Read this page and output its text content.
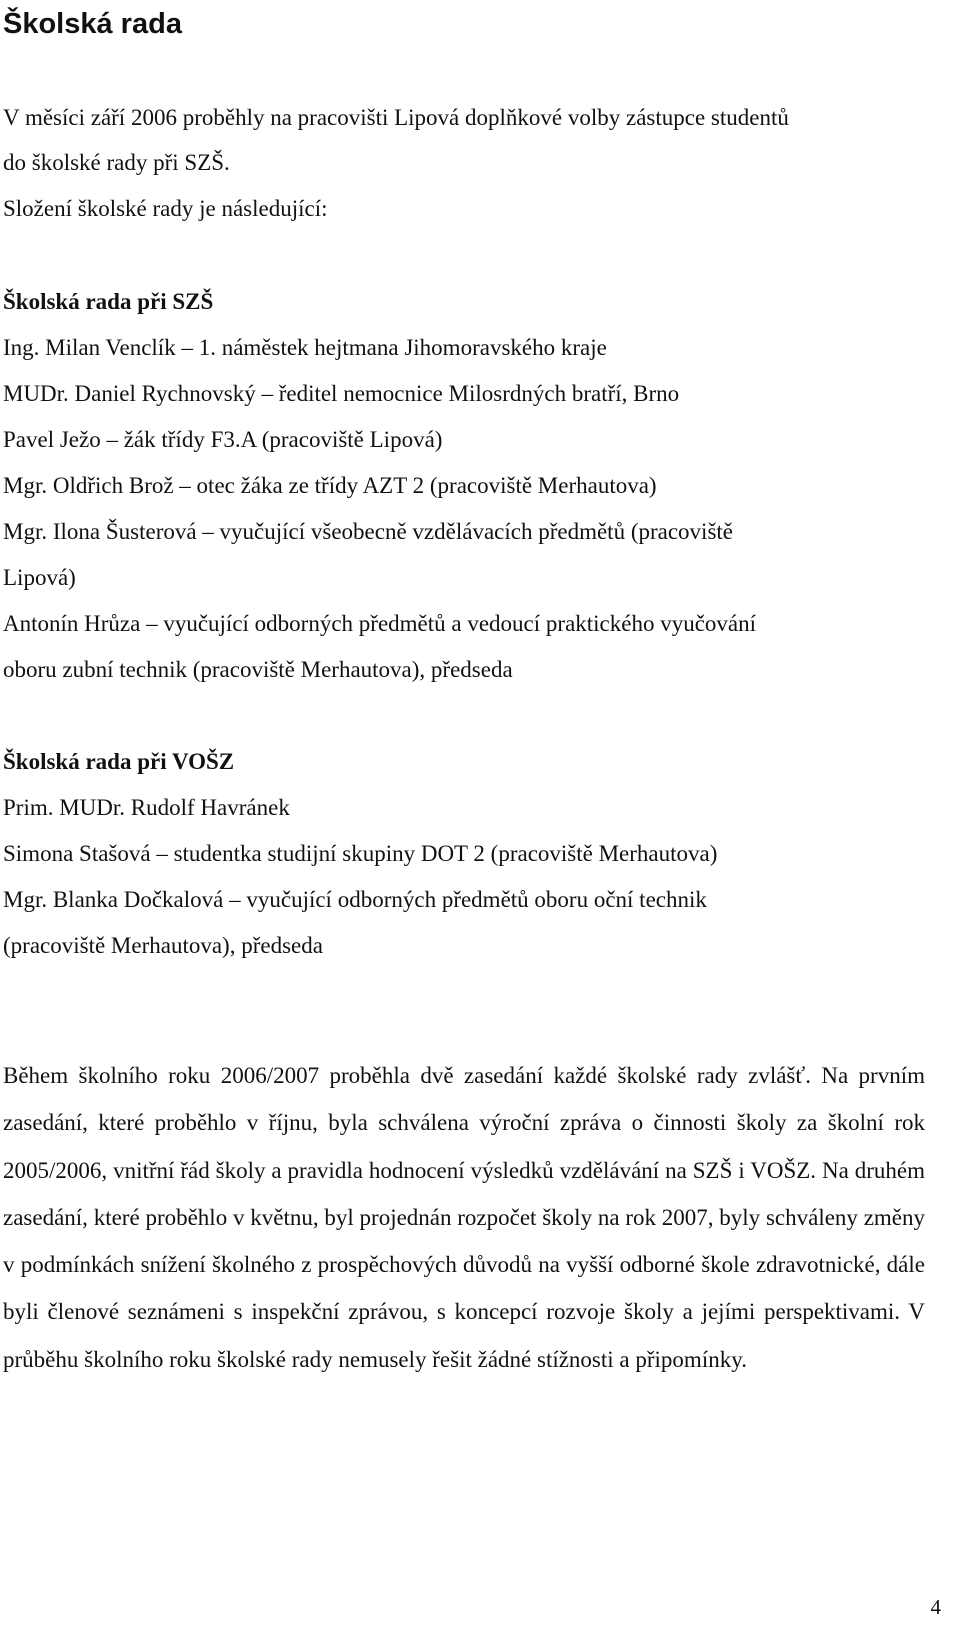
Školská rada

V měsíci září 2006 proběhly na pracovišti Lipová doplňkové volby zástupce studentů

do školské rady při SZŠ.

Složení školské rady je následující:

Školská rada při SZŠ

Ing. Milan Venclík – 1. náměstek hejtmana Jihomoravského kraje

MUDr. Daniel Rychnovský – ředitel nemocnice Milosrdných bratří, Brno

Pavel Ježo – žák třídy F3.A (pracoviště Lipová)

Mgr. Oldřich Brož – otec žáka ze třídy AZT 2 (pracoviště Merhautova)

Mgr. Ilona Šusterová – vyučující všeobecně vzdělávacích předmětů (pracoviště

Lipová)

Antonín Hrůza – vyučující odborných předmětů a vedoucí praktického vyučování

oboru zubní technik (pracoviště Merhautova), předseda

Školská rada při VOŠZ

Prim. MUDr. Rudolf Havránek

Simona Stašová – studentka studijní skupiny DOT 2 (pracoviště Merhautova)

Mgr. Blanka Dočkalová – vyučující odborných předmětů oboru oční technik

(pracoviště Merhautova), předseda

Během školního roku 2006/2007 proběhla dvě zasedání každé školské rady zvlášť. Na prvním zasedání, které proběhlo v říjnu, byla schválena výroční zpráva o činnosti školy za školní rok 2005/2006, vnitřní řád školy a pravidla hodnocení výsledků vzdělávání na SZŠ i VOŠZ. Na druhém zasedání, které proběhlo v květnu, byl projednán rozpočet školy na rok 2007, byly schváleny změny v podmínkách snížení školného z prospěchových důvodů na vyšší odborné škole zdravotnické, dále byli členové seznámeni s inspekční zprávou, s koncepcí rozvoje školy a jejími perspektivami. V průběhu školního roku školské rady nemusely řešit žádné stížnosti a připomínky.

4
